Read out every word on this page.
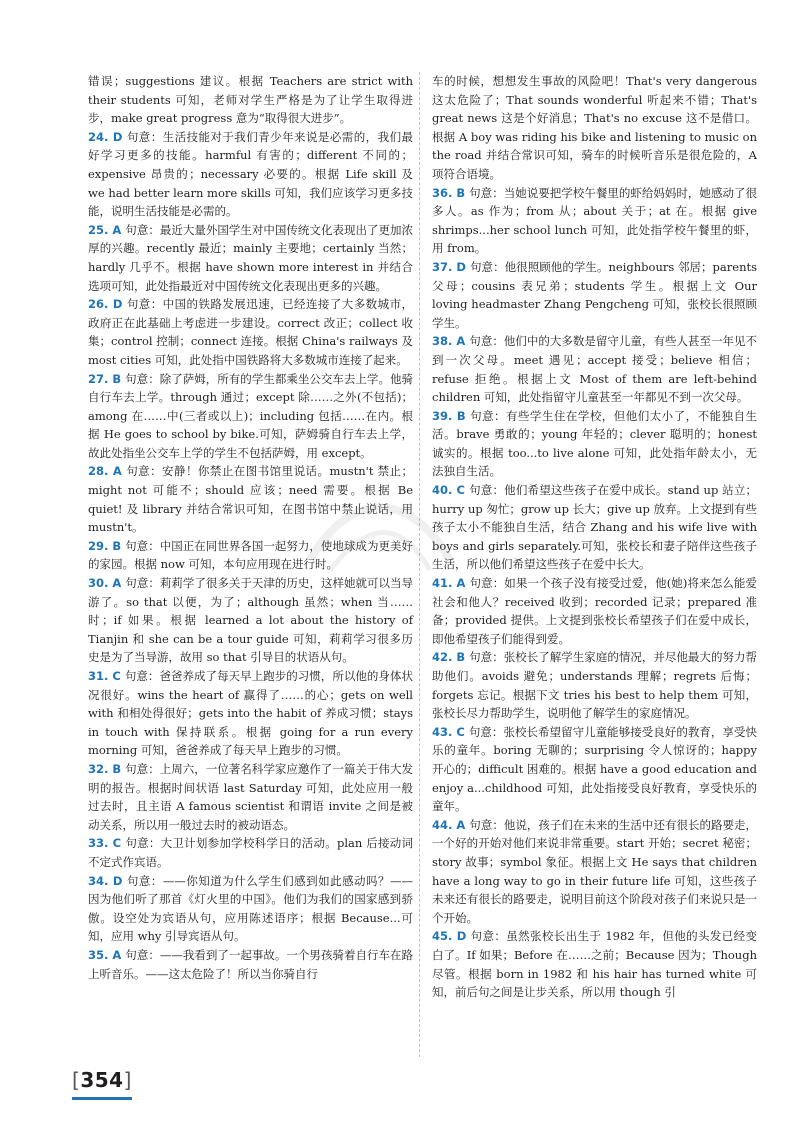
错误；suggestions 建议。根据 Teachers are strict with their students 可知，老师对学生严格是为了让学生取得进步，make great progress 意为“取得很大进步”。

24. D 句意：生活技能对于我们青少年来说是必需的，我们最好学习更多的技能。harmful 有害的；different 不同的；expensive 昂贵的；necessary 必要的。根据 Life skill 及 we had better learn more skills 可知，我们应该学习更多技能，说明生活技能是必需的。

25. A 句意：最近大量外国学生对中国传统文化表现出了更加浓厚的兴趣。recently 最近；mainly 主要地；certainly 当然；hardly 几乎不。根据 have shown more interest in 并结合选项可知，此处指最近对中国传统文化表现出更多的兴趣。

26. D 句意：中国的铁路发展迅速，已经连接了大多数城市，政府正在此基础上考虑进一步建设。correct 改正；collect 收集；control 控制；connect 连接。根据 China's railways 及 most cities 可知，此处指中国铁路将大多数城市连接了起来。

27. B 句意：除了萨姆，所有的学生都乘坐公交车去上学。他骑自行车去上学。through 通过；except 除……之外(不包括)；among 在……中(三者或以上)；including 包括……在内。根据 He goes to school by bike.可知，萨姆骑自行车去上学，故此处指坐公交车上学的学生不包括萨姆，用 except。

28. A 句意：安静！你禁止在图书馆里说话。mustn't 禁止；might not 可能不；should 应该；need 需要。根据 Be quiet! 及 library 并结合常识可知，在图书馆中禁止说话，用 mustn't。

29. B 句意：中国正在同世界各国一起努力，使地球成为更美好的家园。根据 now 可知，本句应用现在进行时。

30. A 句意：莉莉学了很多关于天津的历史，这样她就可以当导游了。so that 以便，为了；although 虽然；when 当……时；if 如果。根据 learned a lot about the history of Tianjin 和 she can be a tour guide 可知，莉莉学习很多历史是为了当导游，故用 so that 引导目的状语从句。

31. C 句意：爸爸养成了每天早上跑步的习惯，所以他的身体状况很好。wins the heart of 赢得了……的心；gets on well with 和相处得很好；gets into the habit of 养成习惯；stays in touch with 保持联系。根据 going for a run every morning 可知，爸爸养成了每天早上跑步的习惯。

32. B 句意：上周六，一位著名科学家应邀作了一篇关于伟大发明的报告。根据时间状语 last Saturday 可知，此处应用一般过去时，且主语 A famous scientist 和谓语 invite 之间是被动关系，所以用一般过去时的被动语态。

33. C 句意：大卫计划参加学校科学日的活动。plan 后接动词不定式作宾语。

34. D 句意：——你知道为什么学生们感到如此感动吗？——因为他们听了那首《灯火里的中国》。他们为我们的国家感到骄傲。设空处为宾语从句，应用陈述语序；根据 Because...可知，应用 why 引导宾语从句。

35. A 句意：——我看到了一起事故。一个男孩骑着自行车在路上听音乐。——这太危险了！所以当你骑自行

车的时候，想想发生事故的风险吧！That's very dangerous 这太危险了；That sounds wonderful 听起来不错；That's great news 这是个好消息；That's no excuse 这不是借口。根据 A boy was riding his bike and listening to music on the road 并结合常识可知，骑车的时候听音乐是很危险的，A 项符合语境。

36. B 句意：当她说要把学校午餐里的虾给妈妈时，她感动了很多人。as 作为；from 从；about 关于；at 在。根据 give shrimps...her school lunch 可知，此处指学校午餐里的虾，用 from。

37. D 句意：他很照顾他的学生。neighbours 邻居；parents 父母；cousins 表兄弟；students 学生。根据上文 Our loving headmaster Zhang Pengcheng 可知，张校长很照顾学生。

38. A 句意：他们中的大多数是留守儿童，有些人甚至一年见不到一次父母。meet 遇见；accept 接受；believe 相信；refuse 拒绝。根据上文 Most of them are left-behind children 可知，此处指留守儿童甚至一年都见不到一次父母。

39. B 句意：有些学生住在学校，但他们太小了，不能独自生活。brave 勇敢的；young 年轻的；clever 聪明的；honest 诚实的。根据 too...to live alone 可知，此处指年龄太小，无法独自生活。

40. C 句意：他们希望这些孩子在爱中成长。stand up 站立；hurry up 匆忙；grow up 长大；give up 放弃。上文提到有些孩子太小不能独自生活，结合 Zhang and his wife live with boys and girls separately.可知，张校长和妻子陪伴这些孩子生活，所以他们希望这些孩子在爱中长大。

41. A 句意：如果一个孩子没有接受过爱，他(她)将来怎么能爱社会和他人？received 收到；recorded 记录；prepared 准备；provided 提供。上文提到张校长希望孩子们在爱中成长，即他希望孩子们能得到爱。

42. B 句意：张校长了解学生家庭的情况，并尽他最大的努力帮助他们。avoids 避免；understands 理解；regrets 后悔；forgets 忘记。根据下文 tries his best to help them 可知，张校长尽力帮助学生，说明他了解学生的家庭情况。

43. C 句意：张校长希望留守儿童能够接受良好的教育，享受快乐的童年。boring 无聊的；surprising 令人惊讶的；happy 开心的；difficult 困难的。根据 have a good education and enjoy a...childhood 可知，此处指接受良好教育，享受快乐的童年。

44. A 句意：他说，孩子们在未来的生活中还有很长的路要走，一个好的开始对他们来说非常重要。start 开始；secret 秘密；story 故事；symbol 象征。根据上文 He says that children have a long way to go in their future life 可知，这些孩子未来还有很长的路要走，说明目前这个阶段对孩子们来说只是一个开始。

45. D 句意：虽然张校长出生于 1982 年，但他的头发已经变白了。If 如果；Before 在……之前；Because 因为；Though 尽管。根据 born in 1982 和 his hair has turned white 可知，前后句之间是让步关系，所以用 though 引

[354]
